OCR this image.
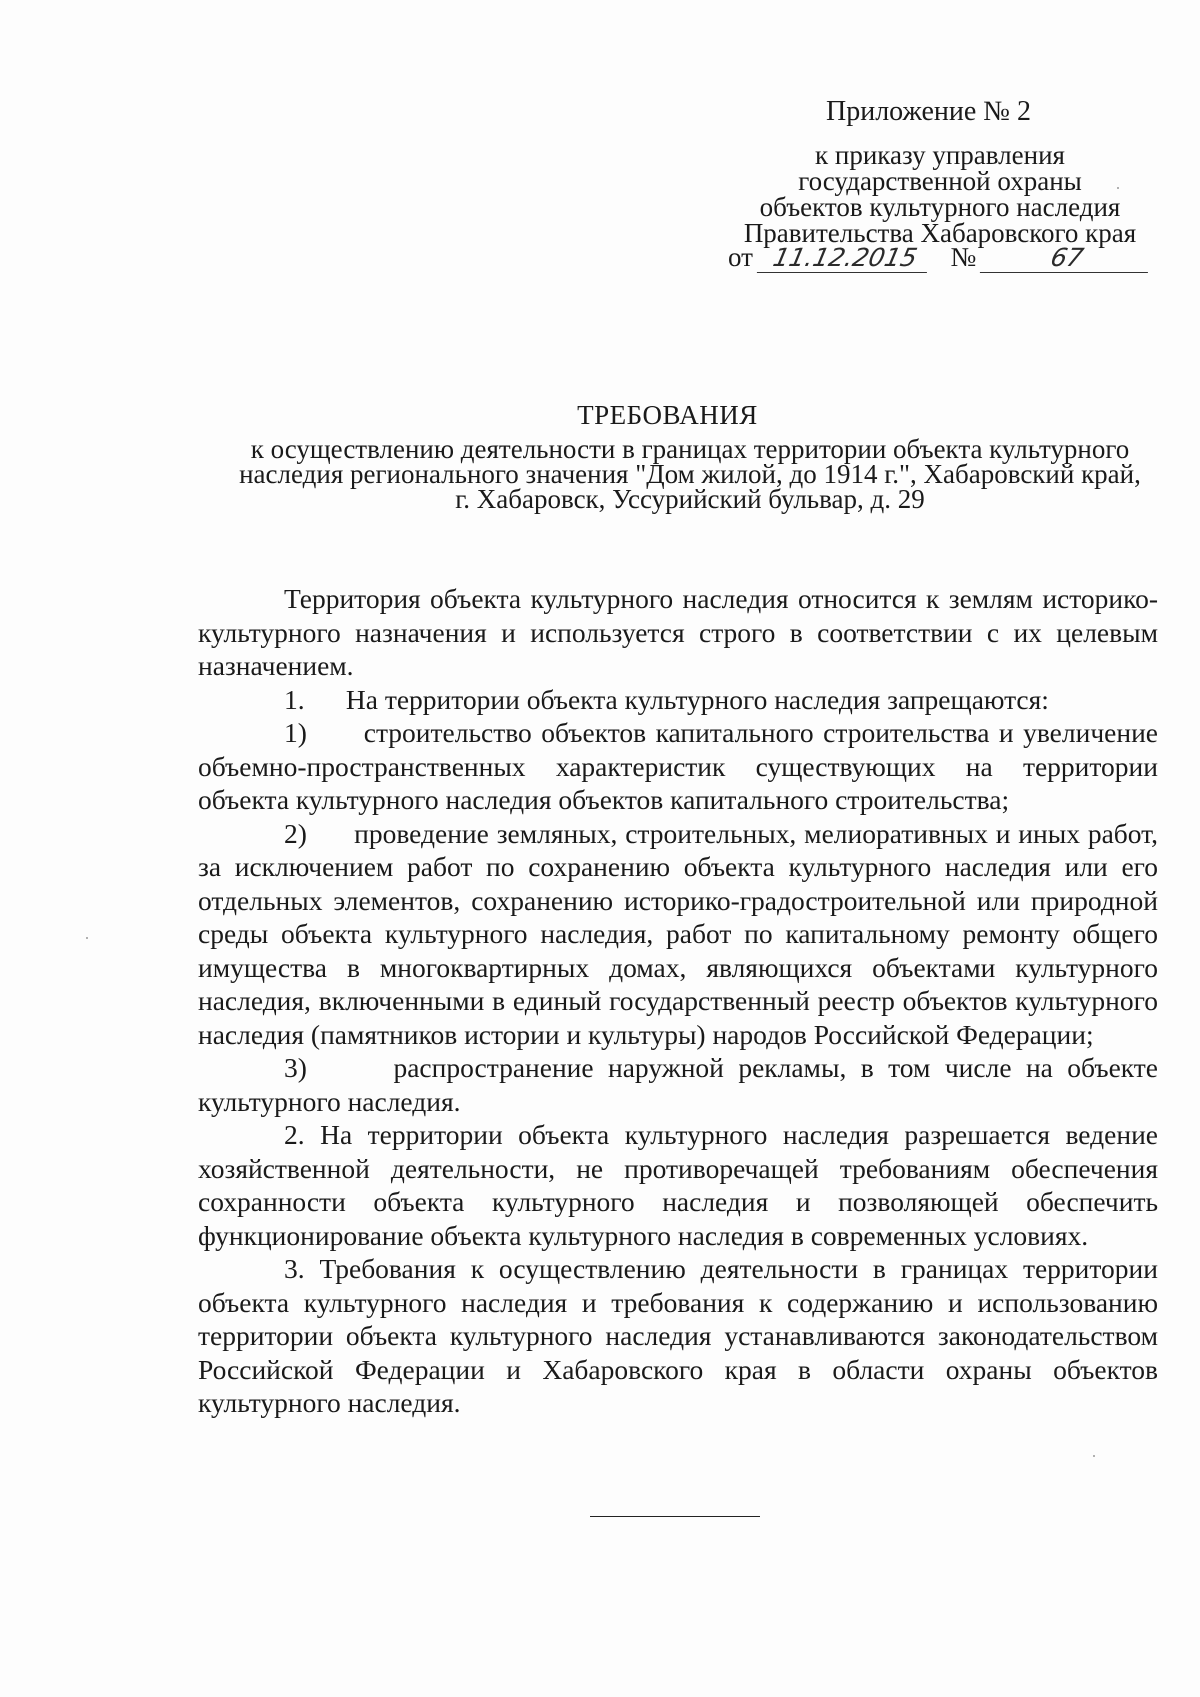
Приложение № 2
к приказу управления
государственной охраны
объектов культурного наследия
Правительства Хабаровского края
от 11.12.2015 №	67
ТРЕБОВАНИЯ
к осуществлению деятельности в границах территории объекта культурного
наследия регионального значения "Дом жилой, до 1914 г.", Хабаровский край,
г. Хабаровск, Уссурийский бульвар, д. 29

Территория объекта культурного наследия относится к землям историко-культурного назначения и используется строго в соответствии с их целевым назначением.

1. На территории объекта культурного наследия запрещаются:

1) строительство объектов капитального строительства и увеличение объемно-пространственных характеристик существующих на территории объекта культурного наследия объектов капитального строительства;

2) проведение земляных, строительных, мелиоративных и иных работ, за исключением работ по сохранению объекта культурного наследия или его отдельных элементов, сохранению историко-градостроительной или природной среды объекта культурного наследия, работ по капитальному ремонту общего имущества в многоквартирных домах, являющихся объектами культурного наследия, включенными в единый государственный реестр объектов культурного наследия (памятников истории и культуры) народов Российской Федерации;

3)	распространение наружной рекламы, в том числе на объекте культурного наследия.

2. На территории объекта культурного наследия разрешается ведение хозяйственной деятельности, не противоречащей требованиям обеспечения сохранности объекта культурного наследия и позволяющей обеспечить функционирование объекта культурного наследия в современных условиях.

3. Требования к осуществлению деятельности в границах территории объекта культурного наследия и требования к содержанию и использованию территории объекта культурного наследия устанавливаются законодательством Российской Федерации и Хабаровского края в области охраны объектов культурного наследия.
